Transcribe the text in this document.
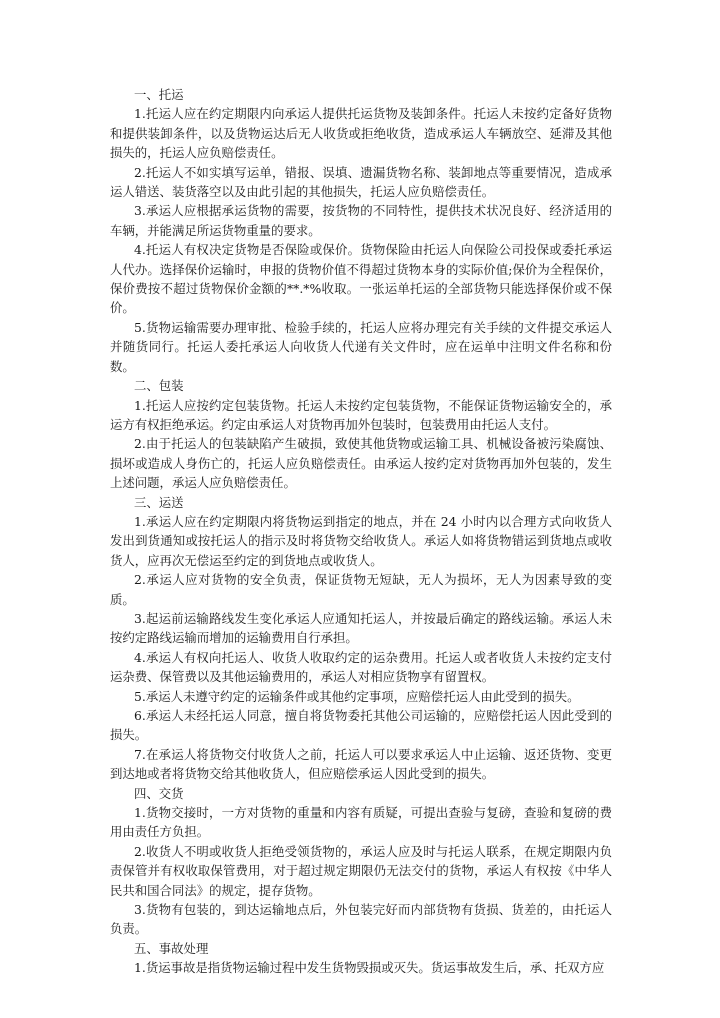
一、托运

1.托运人应在约定期限内向承运人提供托运货物及装卸条件。托运人未按约定备好货物和提供装卸条件，以及货物运达后无人收货或拒绝收货，造成承运人车辆放空、延滞及其他损失的，托运人应负赔偿责任。

2.托运人不如实填写运单，错报、误填、遗漏货物名称、装卸地点等重要情况，造成承运人错送、装货落空以及由此引起的其他损失，托运人应负赔偿责任。

3.承运人应根据承运货物的需要，按货物的不同特性，提供技术状况良好、经济适用的车辆，并能满足所运货物重量的要求。

4.托运人有权决定货物是否保险或保价。货物保险由托运人向保险公司投保或委托承运人代办。选择保价运输时，申报的货物价值不得超过货物本身的实际价值;保价为全程保价，保价费按不超过货物保价金额的**.*%收取。一张运单托运的全部货物只能选择保价或不保价。

5.货物运输需要办理审批、检验手续的，托运人应将办理完有关手续的文件提交承运人并随货同行。托运人委托承运人向收货人代递有关文件时，应在运单中注明文件名称和份数。

二、包装

1.托运人应按约定包装货物。托运人未按约定包装货物，不能保证货物运输安全的，承运方有权拒绝承运。约定由承运人对货物再加外包装时，包装费用由托运人支付。

2.由于托运人的包装缺陷产生破损，致使其他货物或运输工具、机械设备被污染腐蚀、损坏或造成人身伤亡的，托运人应负赔偿责任。由承运人按约定对货物再加外包装的，发生上述问题，承运人应负赔偿责任。

三、运送

1.承运人应在约定期限内将货物运到指定的地点，并在 24 小时内以合理方式向收货人发出到货通知或按托运人的指示及时将货物交给收货人。承运人如将货物错运到货地点或收货人，应再次无偿运至约定的到货地点或收货人。

2.承运人应对货物的安全负责，保证货物无短缺，无人为损坏，无人为因素导致的变质。

3.起运前运输路线发生变化承运人应通知托运人，并按最后确定的路线运输。承运人未按约定路线运输而增加的运输费用自行承担。

4.承运人有权向托运人、收货人收取约定的运杂费用。托运人或者收货人未按约定支付运杂费、保管费以及其他运输费用的，承运人对相应货物享有留置权。

5.承运人未遵守约定的运输条件或其他约定事项，应赔偿托运人由此受到的损失。

6.承运人未经托运人同意，擅自将货物委托其他公司运输的，应赔偿托运人因此受到的损失。

7.在承运人将货物交付收货人之前，托运人可以要求承运人中止运输、返还货物、变更到达地或者将货物交给其他收货人，但应赔偿承运人因此受到的损失。

四、交货

1.货物交接时，一方对货物的重量和内容有质疑，可提出查验与复磅，查验和复磅的费用由责任方负担。

2.收货人不明或收货人拒绝受领货物的，承运人应及时与托运人联系，在规定期限内负责保管并有权收取保管费用，对于超过规定期限仍无法交付的货物，承运人有权按《中华人民共和国合同法》的规定，提存货物。

3.货物有包装的，到达运输地点后，外包装完好而内部货物有货损、货差的，由托运人负责。

五、事故处理

1.货运事故是指货物运输过程中发生货物毁损或灭失。货运事故发生后，承、托双方应
